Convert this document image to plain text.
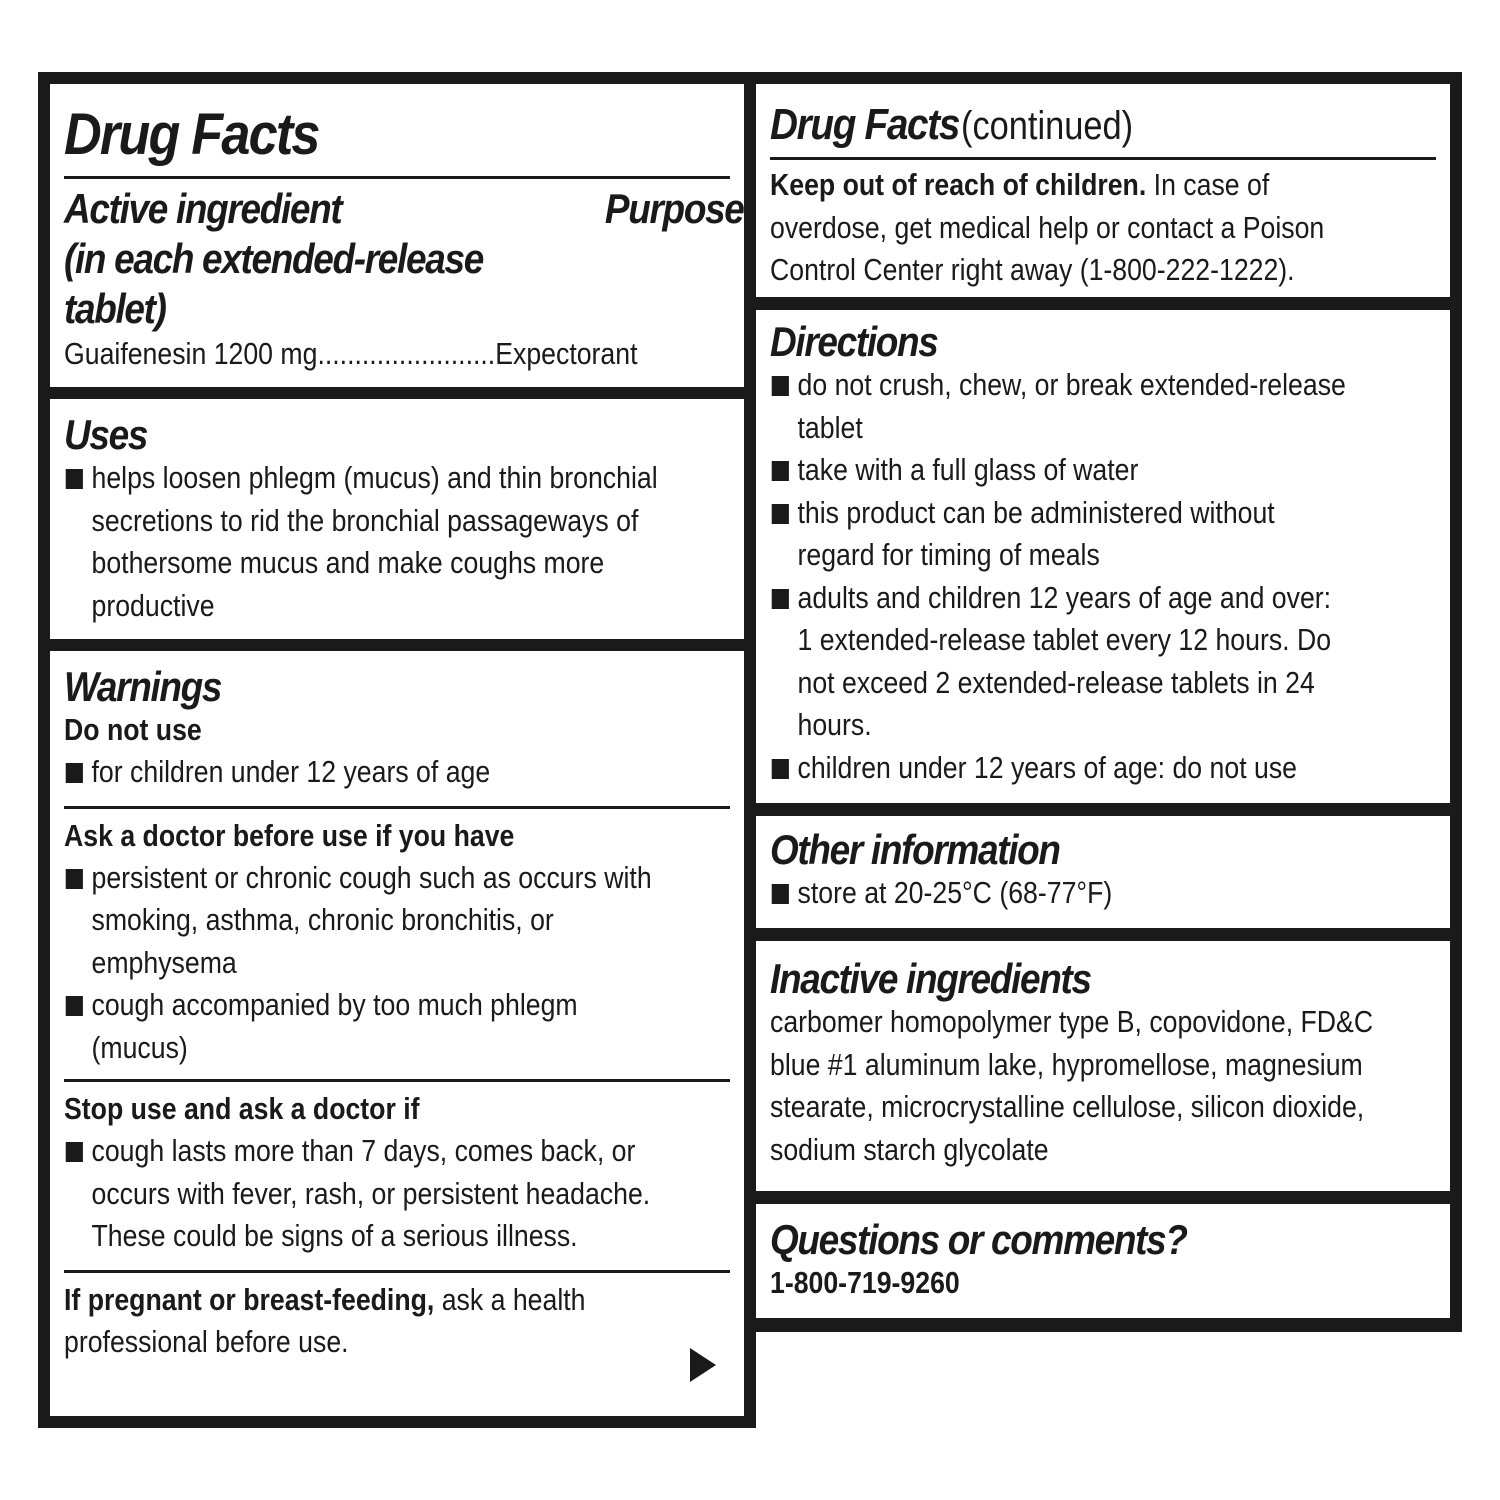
Drug Facts
Active ingredient	Purpose
(in each extended-release
tablet)
Guaifenesin 1200 mg........................Expectorant
Uses
helps loosen phlegm (mucus) and thin bronchial secretions to rid the bronchial passageways of bothersome mucus and make coughs more productive
Warnings
Do not use
for children under 12 years of age
Ask a doctor before use if you have
persistent or chronic cough such as occurs with smoking, asthma, chronic bronchitis, or emphysema
cough accompanied by too much phlegm (mucus)
Stop use and ask a doctor if
cough lasts more than 7 days, comes back, or occurs with fever, rash, or persistent headache. These could be signs of a serious illness.
If pregnant or breast-feeding, ask a health professional before use.
Drug Facts(continued)
Keep out of reach of children. In case of overdose, get medical help or contact a Poison Control Center right away (1-800-222-1222).
Directions
do not crush, chew, or break extended-release tablet
take with a full glass of water
this product can be administered without regard for timing of meals
adults and children 12 years of age and over: 1 extended-release tablet every 12 hours. Do not exceed 2 extended-release tablets in 24 hours.
children under 12 years of age: do not use
Other information
store at 20-25°C (68-77°F)
Inactive ingredients
carbomer homopolymer type B, copovidone, FD&C blue #1 aluminum lake, hypromellose, magnesium stearate, microcrystalline cellulose, silicon dioxide, sodium starch glycolate
Questions or comments?
1-800-719-9260
